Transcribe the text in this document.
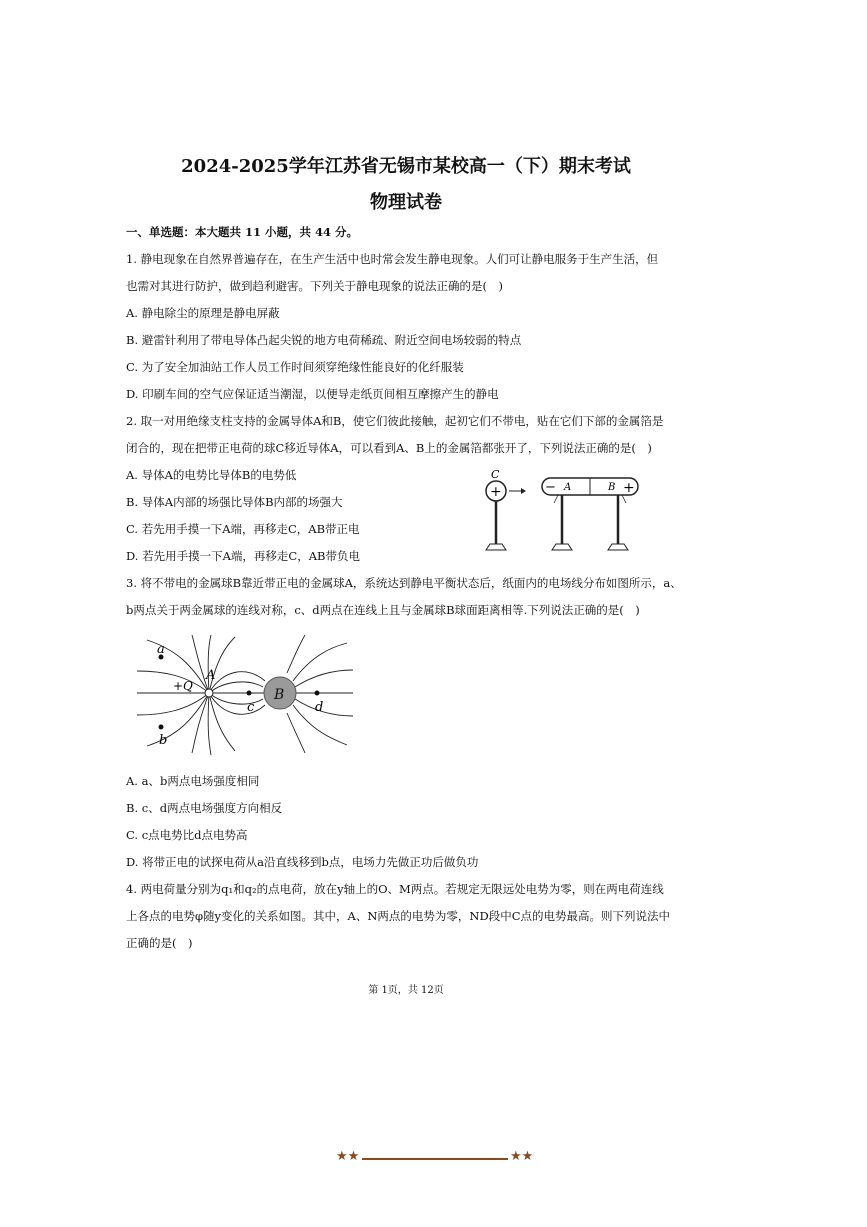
2024-2025学年江苏省无锡市某校高一（下）期末考试
物理试卷
一、单选题：本大题共 11 小题，共 44 分。
1. 静电现象在自然界普遍存在，在生产生活中也时常会发生静电现象。人们可让静电服务于生产生活，但
也需对其进行防护，做到趋利避害。下列关于静电现象的说法正确的是(　)
A. 静电除尘的原理是静电屏蔽
B. 避雷针利用了带电导体凸起尖锐的地方电荷稀疏、附近空间电场较弱的特点
C. 为了安全加油站工作人员工作时间须穿绝缘性能良好的化纤服装
D. 印刷车间的空气应保证适当潮湿，以便导走纸页间相互摩擦产生的静电
2. 取一对用绝缘支柱支持的金属导体A和B，使它们彼此接触，起初它们不带电，贴在它们下部的金属箔是
闭合的，现在把带正电荷的球C移近导体A，可以看到A、B上的金属箔都张开了，下列说法正确的是(　)
A. 导体A的电势比导体B的电势低
B. 导体A内部的场强比导体B内部的场强大
C. 若先用手摸一下A端，再移走C，AB带正电
D. 若先用手摸一下A端，再移走C，AB带负电
C
+	− A	B +
3. 将不带电的金属球B靠近带正电的金属球A，系统达到静电平衡状态后，纸面内的电场线分布如图所示，a、
b两点关于两金属球的连线对称，c、d两点在连线上且与金属球B球面距离相等.下列说法正确的是(　)
B
A
+Q
a
b
c	d
A. a、b两点电场强度相同
B. c、d两点电场强度方向相反
C. c点电势比d点电势高
D. 将带正电的试探电荷从a沿直线移到b点，电场力先做正功后做负功
4. 两电荷量分别为q₁和q₂的点电荷，放在y轴上的O、M两点。若规定无限远处电势为零，则在两电荷连线
上各点的电势φ随y变化的关系如图。其中，A、N两点的电势为零，ND段中C点的电势最高。则下列说法中
正确的是(　)
第 1页，共 12页
★★	★★
